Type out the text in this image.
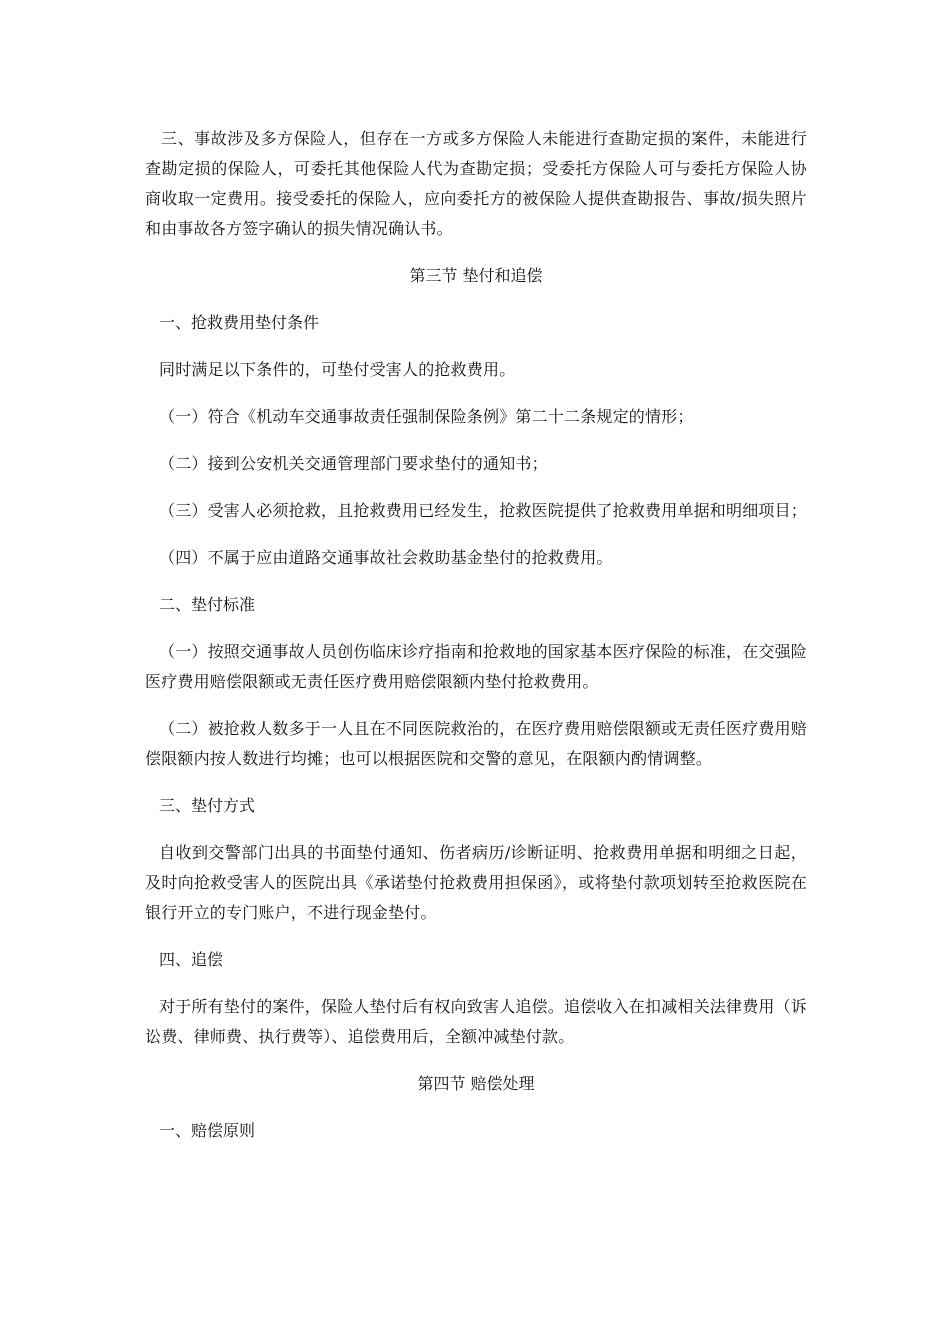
三、事故涉及多方保险人，但存在一方或多方保险人未能进行查勘定损的案件，未能进行查勘定损的保险人，可委托其他保险人代为查勘定损；受委托方保险人可与委托方保险人协商收取一定费用。接受委托的保险人，应向委托方的被保险人提供查勘报告、事故/损失照片和由事故各方签字确认的损失情况确认书。

第三节 垫付和追偿

一、抢救费用垫付条件

同时满足以下条件的，可垫付受害人的抢救费用。

（一）符合《机动车交通事故责任强制保险条例》第二十二条规定的情形；

（二）接到公安机关交通管理部门要求垫付的通知书；

（三）受害人必须抢救，且抢救费用已经发生，抢救医院提供了抢救费用单据和明细项目；

（四）不属于应由道路交通事故社会救助基金垫付的抢救费用。

二、垫付标准

（一）按照交通事故人员创伤临床诊疗指南和抢救地的国家基本医疗保险的标准，在交强险医疗费用赔偿限额或无责任医疗费用赔偿限额内垫付抢救费用。

（二）被抢救人数多于一人且在不同医院救治的，在医疗费用赔偿限额或无责任医疗费用赔偿限额内按人数进行均摊；也可以根据医院和交警的意见，在限额内酌情调整。

三、垫付方式

自收到交警部门出具的书面垫付通知、伤者病历/诊断证明、抢救费用单据和明细之日起，及时向抢救受害人的医院出具《承诺垫付抢救费用担保函》，或将垫付款项划转至抢救医院在银行开立的专门账户，不进行现金垫付。

四、追偿

对于所有垫付的案件，保险人垫付后有权向致害人追偿。追偿收入在扣减相关法律费用（诉讼费、律师费、执行费等）、追偿费用后，全额冲减垫付款。

第四节 赔偿处理

一、赔偿原则
